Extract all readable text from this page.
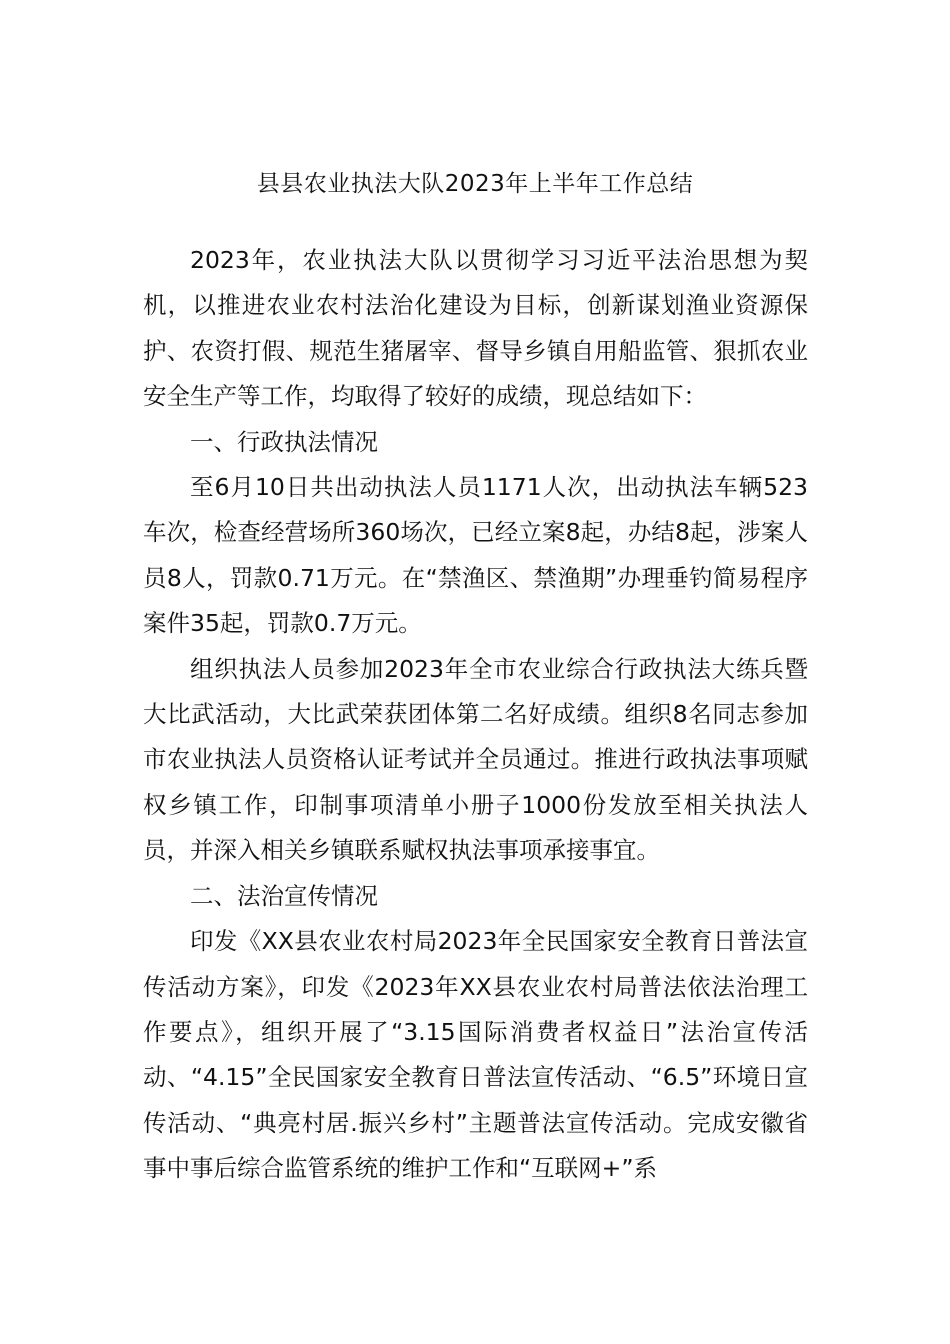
县县农业执法大队2023年上半年工作总结

2023年，农业执法大队以贯彻学习习近平法治思想为契机，以推进农业农村法治化建设为目标，创新谋划渔业资源保护、农资打假、规范生猪屠宰、督导乡镇自用船监管、狠抓农业安全生产等工作，均取得了较好的成绩，现总结如下：

一、行政执法情况

至6月10日共出动执法人员1171人次，出动执法车辆523车次，检查经营场所360场次，已经立案8起，办结8起，涉案人员8人，罚款0.71万元。在“禁渔区、禁渔期”办理垂钓简易程序案件35起，罚款0.7万元。

组织执法人员参加2023年全市农业综合行政执法大练兵暨大比武活动，大比武荣获团体第二名好成绩。组织8名同志参加市农业执法人员资格认证考试并全员通过。推进行政执法事项赋权乡镇工作，印制事项清单小册子1000份发放至相关执法人员，并深入相关乡镇联系赋权执法事项承接事宜。

二、法治宣传情况

印发《XX县农业农村局2023年全民国家安全教育日普法宣传活动方案》，印发《2023年XX县农业农村局普法依法治理工作要点》，组织开展了“3.15国际消费者权益日”法治宣传活动、“4.15”全民国家安全教育日普法宣传活动、“6.5”环境日宣传活动、“典亮村居.振兴乡村”主题普法宣传活动。完成安徽省事中事后综合监管系统的维护工作和“互联网+”系
